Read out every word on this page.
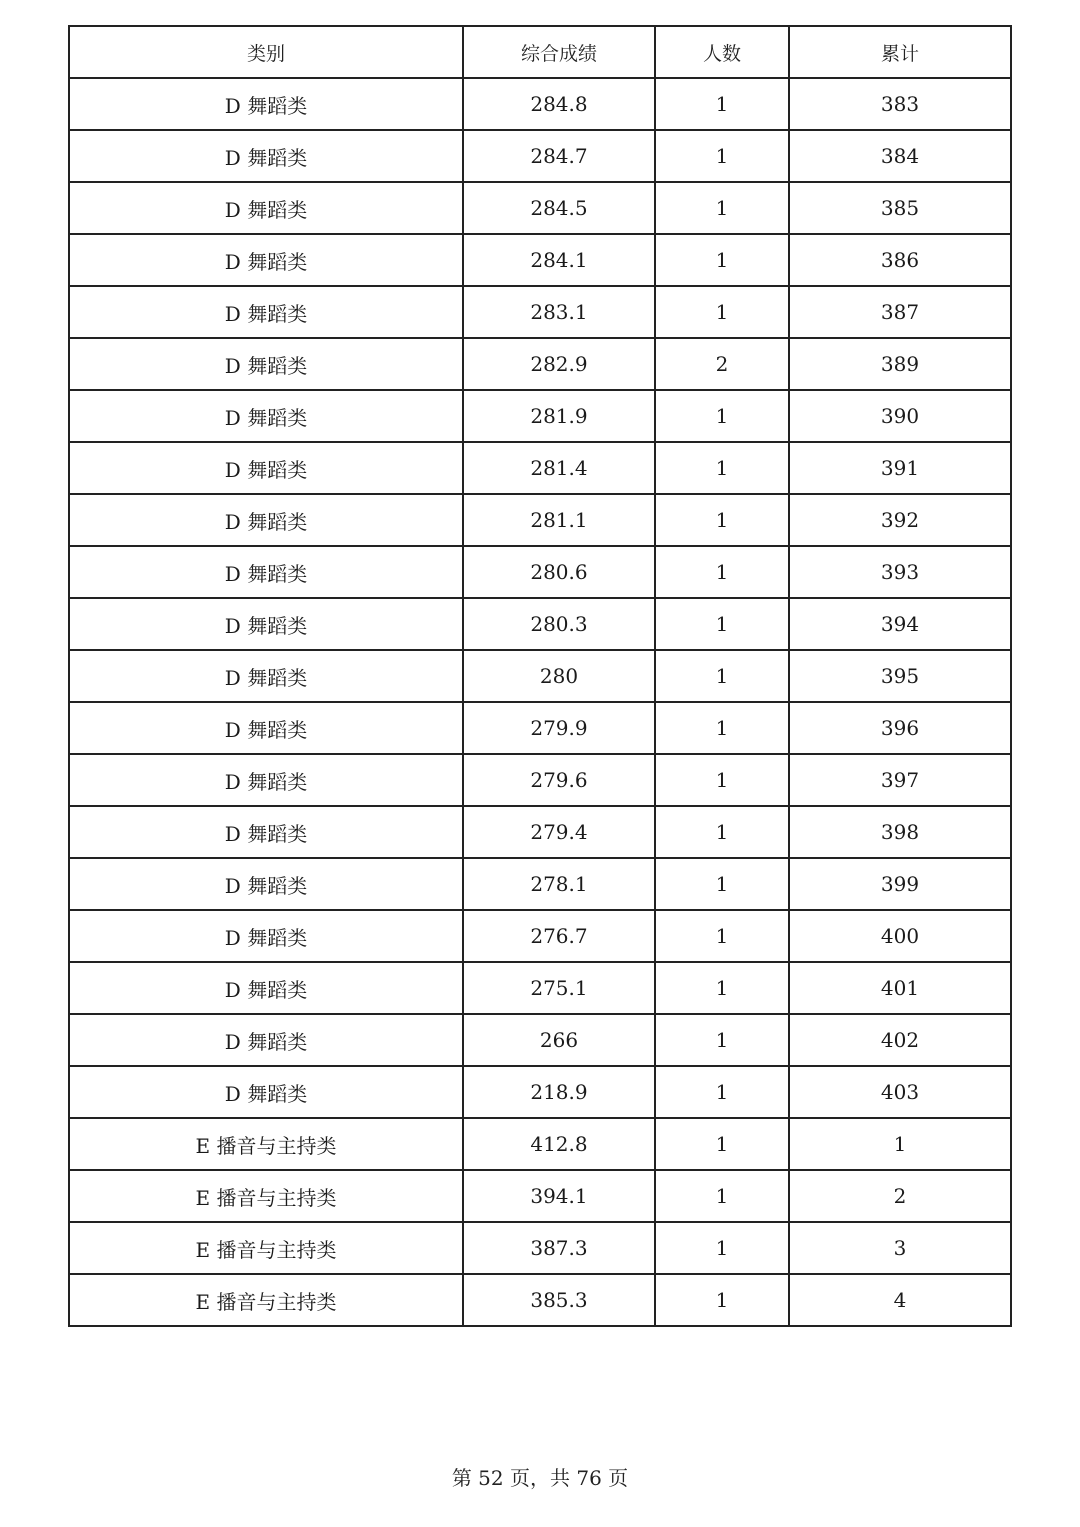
类别	综合成绩	人数	累计
D 舞蹈类	284.8	1	383
D 舞蹈类	284.7	1	384
D 舞蹈类	284.5	1	385
D 舞蹈类	284.1	1	386
D 舞蹈类	283.1	1	387
D 舞蹈类	282.9	2	389
D 舞蹈类	281.9	1	390
D 舞蹈类	281.4	1	391
D 舞蹈类	281.1	1	392
D 舞蹈类	280.6	1	393
D 舞蹈类	280.3	1	394
D 舞蹈类	280	1	395
D 舞蹈类	279.9	1	396
D 舞蹈类	279.6	1	397
D 舞蹈类	279.4	1	398
D 舞蹈类	278.1	1	399
D 舞蹈类	276.7	1	400
D 舞蹈类	275.1	1	401
D 舞蹈类	266	1	402
D 舞蹈类	218.9	1	403
E 播音与主持类	412.8	1	1
E 播音与主持类	394.1	1	2
E 播音与主持类	387.3	1	3
E 播音与主持类	385.3	1	4
第 52 页，共 76 页
